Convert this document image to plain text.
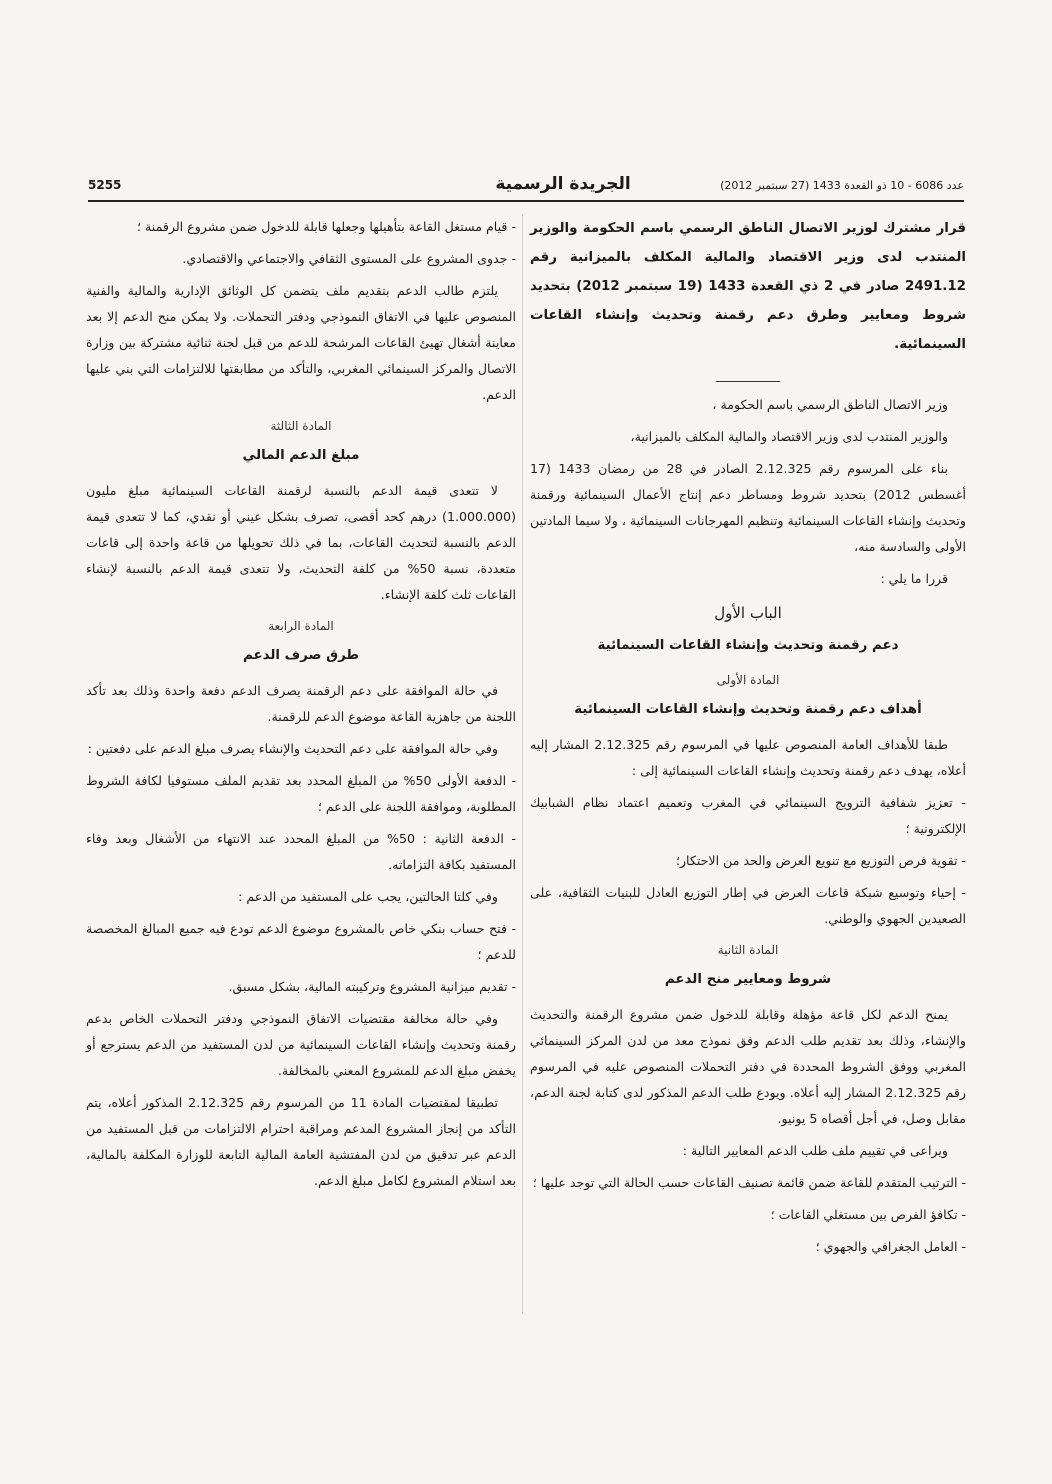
5255	الجريدة الرسمية	عدد 6086 - 10 ذو القعدة 1433 (27 سبتمبر 2012)

قرار مشترك لوزير الاتصال الناطق الرسمي باسم الحكومة والوزير المنتدب لدى وزير الاقتصاد والمالية المكلف بالميزانية رقم 2491.12 صادر في 2 ذي القعدة 1433 (19 سبتمبر 2012) بتحديد شروط ومعايير وطرق دعم رقمنة وتحديث وإنشاء القاعات السينمائية.

وزير الاتصال الناطق الرسمي باسم الحكومة ،

والوزير المنتدب لدى وزير الاقتصاد والمالية المكلف بالميزانية،

بناء على المرسوم رقم 2.12.325 الصادر في 28 من رمضان 1433 (17 أغسطس 2012) بتحديد شروط ومساطر دعم إنتاج الأعمال السينمائية ورقمنة وتحديث وإنشاء القاعات السينمائية وتنظيم المهرجانات السينمائية ، ولا سيما المادتين الأولى والسادسة منه،

قررا ما يلي :

الباب الأول

دعم رقمنة وتحديث وإنشاء القاعات السينمائية

المادة الأولى

أهداف دعم رقمنة وتحديث وإنشاء القاعات السينمائية

طبقا للأهداف العامة المنصوص عليها في المرسوم رقم 2.12.325 المشار إليه أعلاه، يهدف دعم رقمنة وتحديث وإنشاء القاعات السينمائية إلى :

- تعزيز شفافية الترويج السينمائي في المغرب وتعميم اعتماد نظام الشبابيك الإلكترونية ؛

- تقوية فرص التوزيع مع تنويع العرض والحد من الاحتكار؛

- إحياء وتوسيع شبكة قاعات العرض في إطار التوزيع العادل للبنيات الثقافية، على الصعيدين الجهوي والوطني.

المادة الثانية

شروط ومعايير منح الدعم

يمنح الدعم لكل قاعة مؤهلة وقابلة للدخول ضمن مشروع الرقمنة والتحديث والإنشاء، وذلك بعد تقديم طلب الدعم وفق نموذج معد من لدن المركز السينمائي المغربي ووفق الشروط المحددة في دفتر التحملات المنصوص عليه في المرسوم رقم 2.12.325 المشار إليه أعلاه. ويودع طلب الدعم المذكور لدى كتابة لجنة الدعم، مقابل وصل، في أجل أقصاه 5 يونيو.

ويراعى في تقييم ملف طلب الدعم المعايير التالية :

- الترتيب المتقدم للقاعة ضمن قائمة تصنيف القاعات حسب الحالة التي توجد عليها ؛

- تكافؤ الفرص بين مستغلي القاعات ؛

- العامل الجغرافي والجهوي ؛

- قيام مستغل القاعة بتأهيلها وجعلها قابلة للدخول ضمن مشروع الرقمنة ؛

- جدوى المشروع على المستوى الثقافي والاجتماعي والاقتصادي.

يلتزم طالب الدعم بتقديم ملف يتضمن كل الوثائق الإدارية والمالية والفنية المنصوص عليها في الاتفاق النموذجي ودفتر التحملات. ولا يمكن منح الدعم إلا بعد معاينة أشغال تهيئ القاعات المرشحة للدعم من قبل لجنة ثنائية مشتركة بين وزارة الاتصال والمركز السينمائي المغربي، والتأكد من مطابقتها للالتزامات التي بني عليها الدعم.

المادة الثالثة

مبلغ الدعم المالي

لا تتعدى قيمة الدعم بالنسبة لرقمنة القاعات السينمائية مبلغ مليون (1.000.000) درهم كحد أقصى، تصرف بشكل عيني أو نقدي، كما لا تتعدى قيمة الدعم بالنسبة لتحديث القاعات، بما في ذلك تحويلها من قاعة واحدة إلى قاعات متعددة، نسبة 50% من كلفة التحديث، ولا تتعدى قيمة الدعم بالنسبة لإنشاء القاعات ثلث كلفة الإنشاء.

المادة الرابعة

طرق صرف الدعم

في حالة الموافقة على دعم الرقمنة يصرف الدعم دفعة واحدة وذلك بعد تأكد اللجنة من جاهزية القاعة موضوع الدعم للرقمنة.

وفي حالة الموافقة على دعم التحديث والإنشاء يصرف مبلغ الدعم على دفعتين :

- الدفعة الأولى 50% من المبلغ المحدد بعد تقديم الملف مستوفيا لكافة الشروط المطلوبة، وموافقة اللجنة على الدعم ؛

- الدفعة الثانية : 50% من المبلغ المحدد عند الانتهاء من الأشغال وبعد وفاء المستفيد بكافة التزاماته.

وفي كلتا الحالتين، يجب على المستفيد من الدعم :

- فتح حساب بنكي خاص بالمشروع موضوع الدعم تودع فيه جميع المبالغ المخصصة للدعم ؛

- تقديم ميزانية المشروع وتركيبته المالية، بشكل مسبق.

وفي حالة مخالفة مقتضيات الاتفاق النموذجي ودفتر التحملات الخاص بدعم رقمنة وتحديث وإنشاء القاعات السينمائية من لدن المستفيد من الدعم يسترجع أو يخفض مبلغ الدعم للمشروع المعني بالمخالفة.

تطبيقا لمقتضيات المادة 11 من المرسوم رقم 2.12.325 المذكور أعلاه، يتم التأكد من إنجاز المشروع المدعم ومراقبة احترام الالتزامات من قبل المستفيد من الدعم عبر تدقيق من لدن المفتشية العامة المالية التابعة للوزارة المكلفة بالمالية، بعد استلام المشروع لكامل مبلغ الدعم.
